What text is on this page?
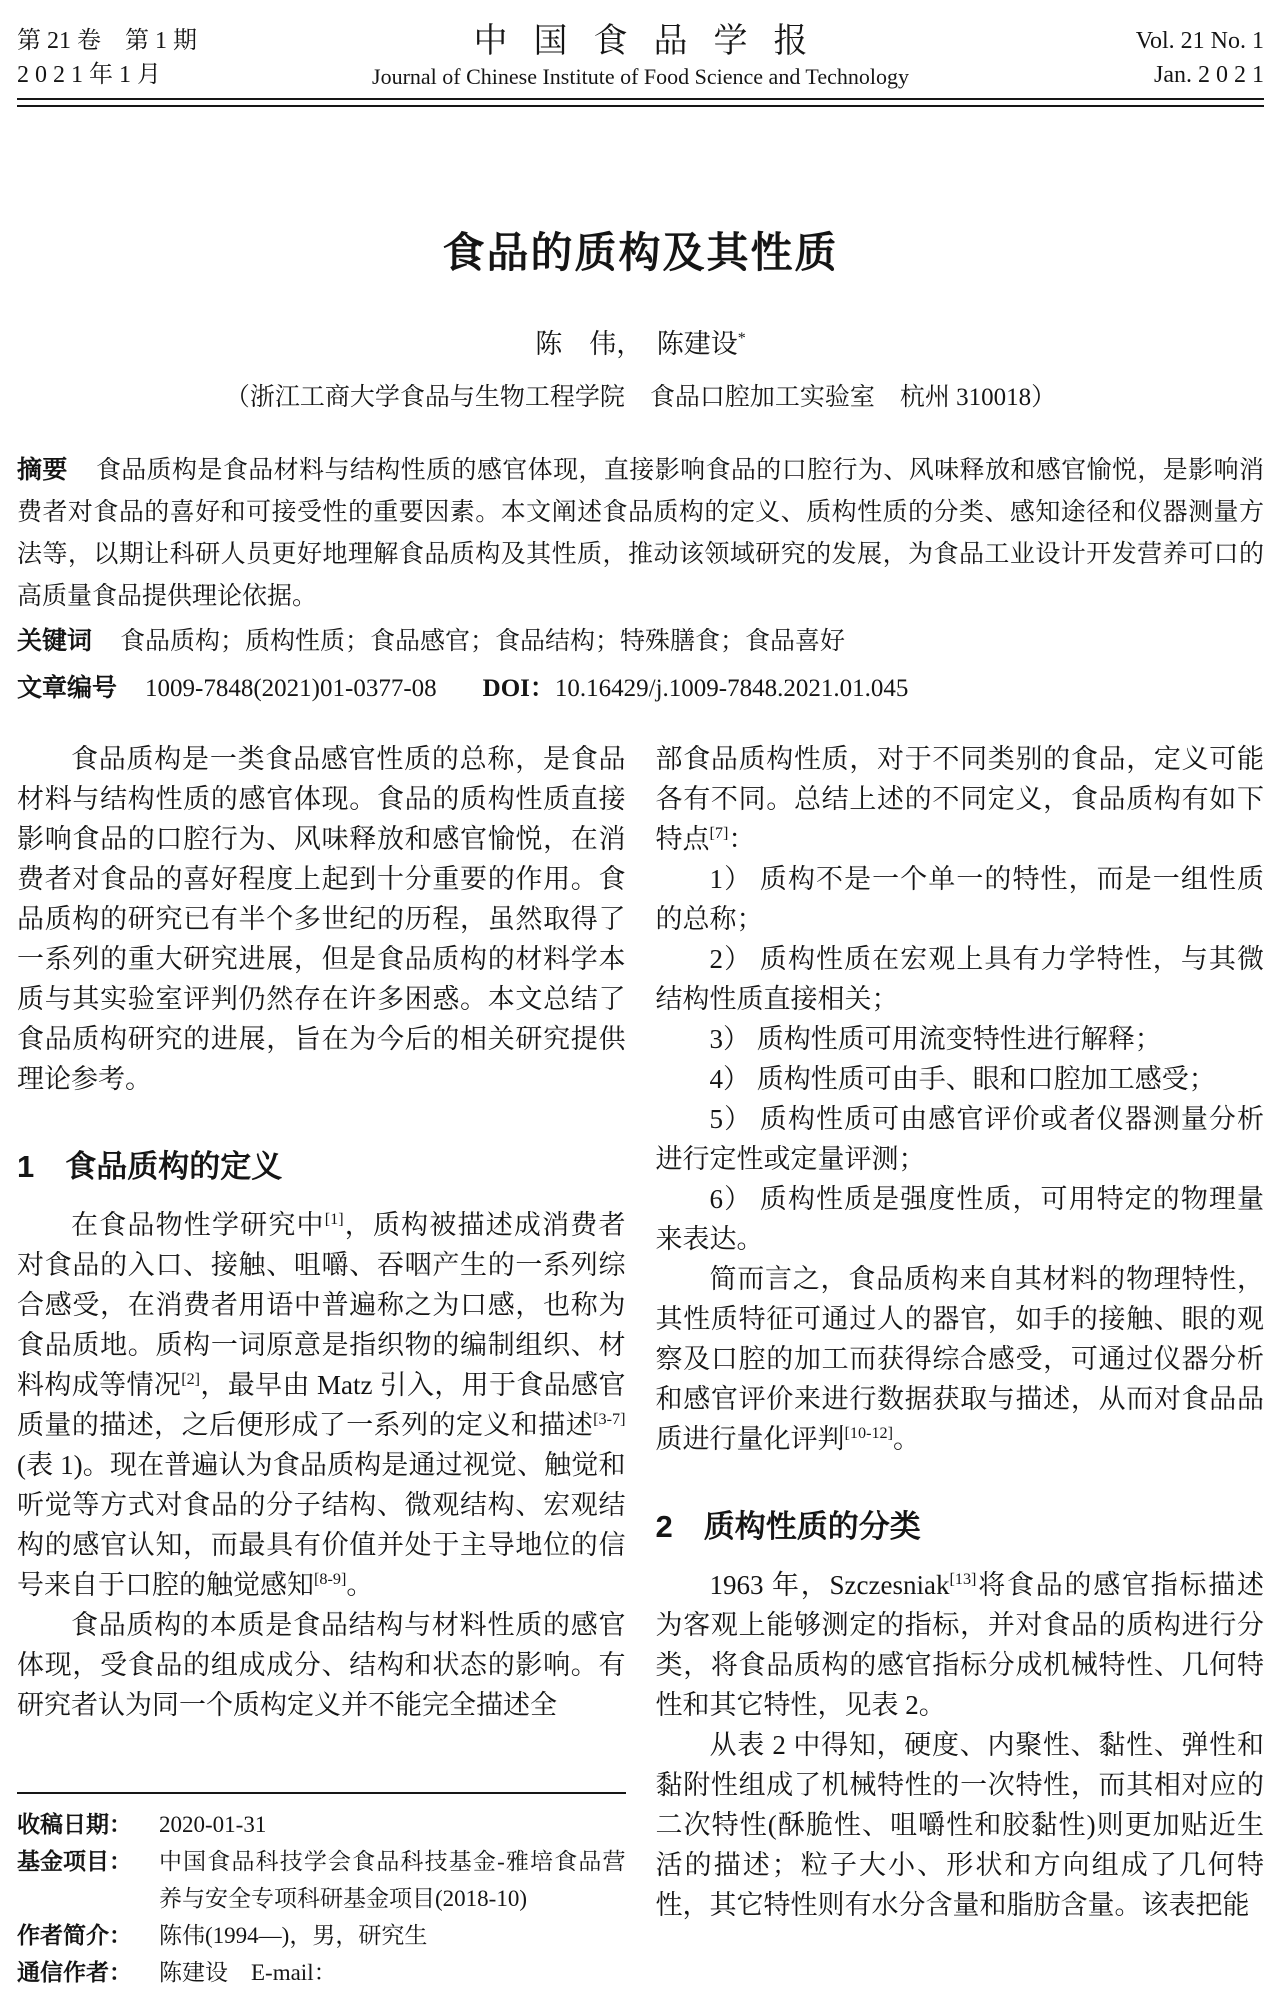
第 21 卷　第 1 期
2 0 2 1 年 1 月
中国食品学报
Journal of Chinese Institute of Food Science and Technology
Vol. 21 No. 1
Jan. 2 0 2 1
食品的质构及其性质
陈　伟，　陈建设*
（浙江工商大学食品与生物工程学院　食品口腔加工实验室　杭州 310018）
摘要 食品质构是食品材料与结构性质的感官体现，直接影响食品的口腔行为、风味释放和感官愉悦，是影响消费者对食品的喜好和可接受性的重要因素。本文阐述食品质构的定义、质构性质的分类、感知途径和仪器测量方法等，以期让科研人员更好地理解食品质构及其性质，推动该领域研究的发展，为食品工业设计开发营养可口的高质量食品提供理论依据。
关键词 食品质构；质构性质；食品感官；食品结构；特殊膳食；食品喜好
文章编号 1009-7848(2021)01-0377-08 DOI：10.16429/j.1009-7848.2021.01.045

食品质构是一类食品感官性质的总称，是食品材料与结构性质的感官体现。食品的质构性质直接影响食品的口腔行为、风味释放和感官愉悦，在消费者对食品的喜好程度上起到十分重要的作用。食品质构的研究已有半个多世纪的历程，虽然取得了一系列的重大研究进展，但是食品质构的材料学本质与其实验室评判仍然存在许多困惑。本文总结了食品质构研究的进展，旨在为今后的相关研究提供理论参考。

1　食品质构的定义

在食品物性学研究中[1]，质构被描述成消费者对食品的入口、接触、咀嚼、吞咽产生的一系列综合感受，在消费者用语中普遍称之为口感，也称为食品质地。质构一词原意是指织物的编制组织、材料构成等情况[2]，最早由 Matz 引入，用于食品感官质量的描述，之后便形成了一系列的定义和描述[3-7](表 1)。现在普遍认为食品质构是通过视觉、触觉和听觉等方式对食品的分子结构、微观结构、宏观结构的感官认知，而最具有价值并处于主导地位的信号来自于口腔的触觉感知[8-9]。

食品质构的本质是食品结构与材料性质的感官体现，受食品的组成成分、结构和状态的影响。有研究者认为同一个质构定义并不能完全描述全

收稿日期：	2020-01-31
基金项目：	中国食品科技学会食品科技基金-雅培食品营养与安全专项科研基金项目(2018-10)
作者简介：	陈伟(1994—)，男，研究生
通信作者：	陈建设　E-mail：

部食品质构性质，对于不同类别的食品，定义可能各有不同。总结上述的不同定义，食品质构有如下特点[7]：

1） 质构不是一个单一的特性，而是一组性质的总称；

2） 质构性质在宏观上具有力学特性，与其微结构性质直接相关；

3） 质构性质可用流变特性进行解释；

4） 质构性质可由手、眼和口腔加工感受；

5） 质构性质可由感官评价或者仪器测量分析进行定性或定量评测；

6） 质构性质是强度性质，可用特定的物理量来表达。

简而言之，食品质构来自其材料的物理特性，其性质特征可通过人的器官，如手的接触、眼的观察及口腔的加工而获得综合感受，可通过仪器分析和感官评价来进行数据获取与描述，从而对食品品质进行量化评判[10-12]。

2　质构性质的分类

1963 年，Szczesniak[13]将食品的感官指标描述为客观上能够测定的指标，并对食品的质构进行分类，将食品质构的感官指标分成机械特性、几何特性和其它特性，见表 2。

从表 2 中得知，硬度、内聚性、黏性、弹性和黏附性组成了机械特性的一次特性，而其相对应的二次特性(酥脆性、咀嚼性和胶黏性)则更加贴近生活的描述；粒子大小、形状和方向组成了几何特性，其它特性则有水分含量和脂肪含量。该表把能
